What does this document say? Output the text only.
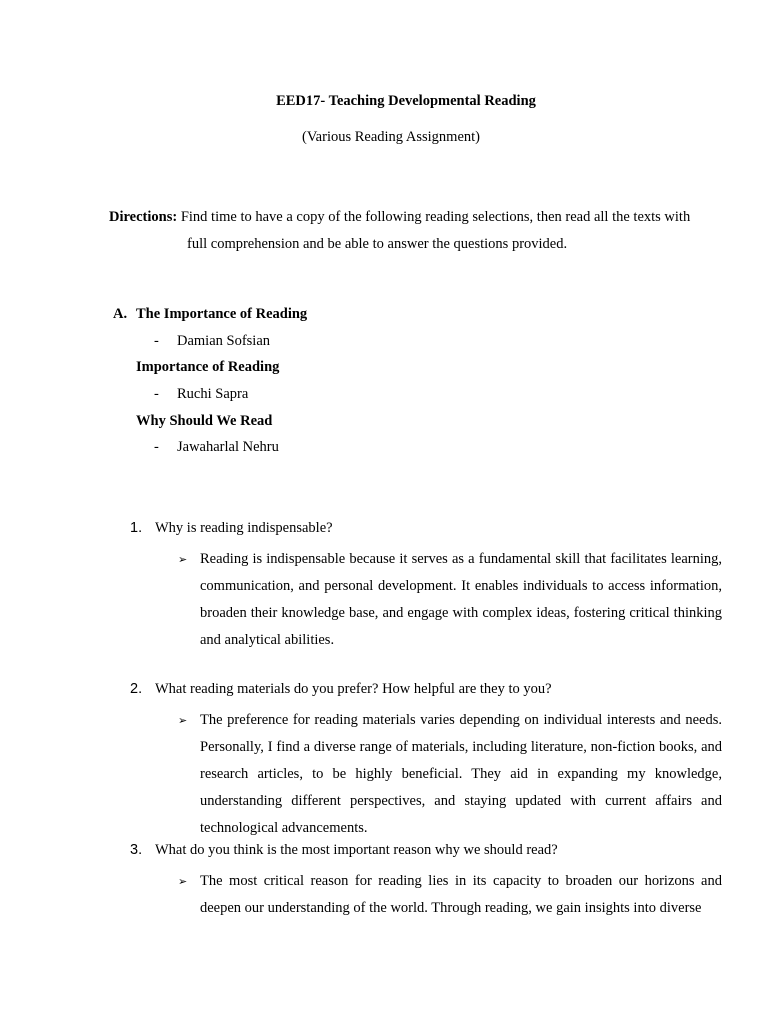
EED17- Teaching Developmental Reading
(Various Reading Assignment)
Directions: Find time to have a copy of the following reading selections, then read all the texts with
full comprehension and be able to answer the questions provided.
A. The Importance of Reading
- Damian Sofsian
Importance of Reading
- Ruchi Sapra
Why Should We Read
- Jawaharlal Nehru
1. Why is reading indispensable?
➢ Reading is indispensable because it serves as a fundamental skill that facilitates learning, communication, and personal development. It enables individuals to access information, broaden their knowledge base, and engage with complex ideas, fostering critical thinking and analytical abilities.
2. What reading materials do you prefer? How helpful are they to you?
➢ The preference for reading materials varies depending on individual interests and needs. Personally, I find a diverse range of materials, including literature, non-fiction books, and research articles, to be highly beneficial. They aid in expanding my knowledge, understanding different perspectives, and staying updated with current affairs and technological advancements.
3. What do you think is the most important reason why we should read?
➢ The most critical reason for reading lies in its capacity to broaden our horizons and deepen our understanding of the world. Through reading, we gain insights into diverse
